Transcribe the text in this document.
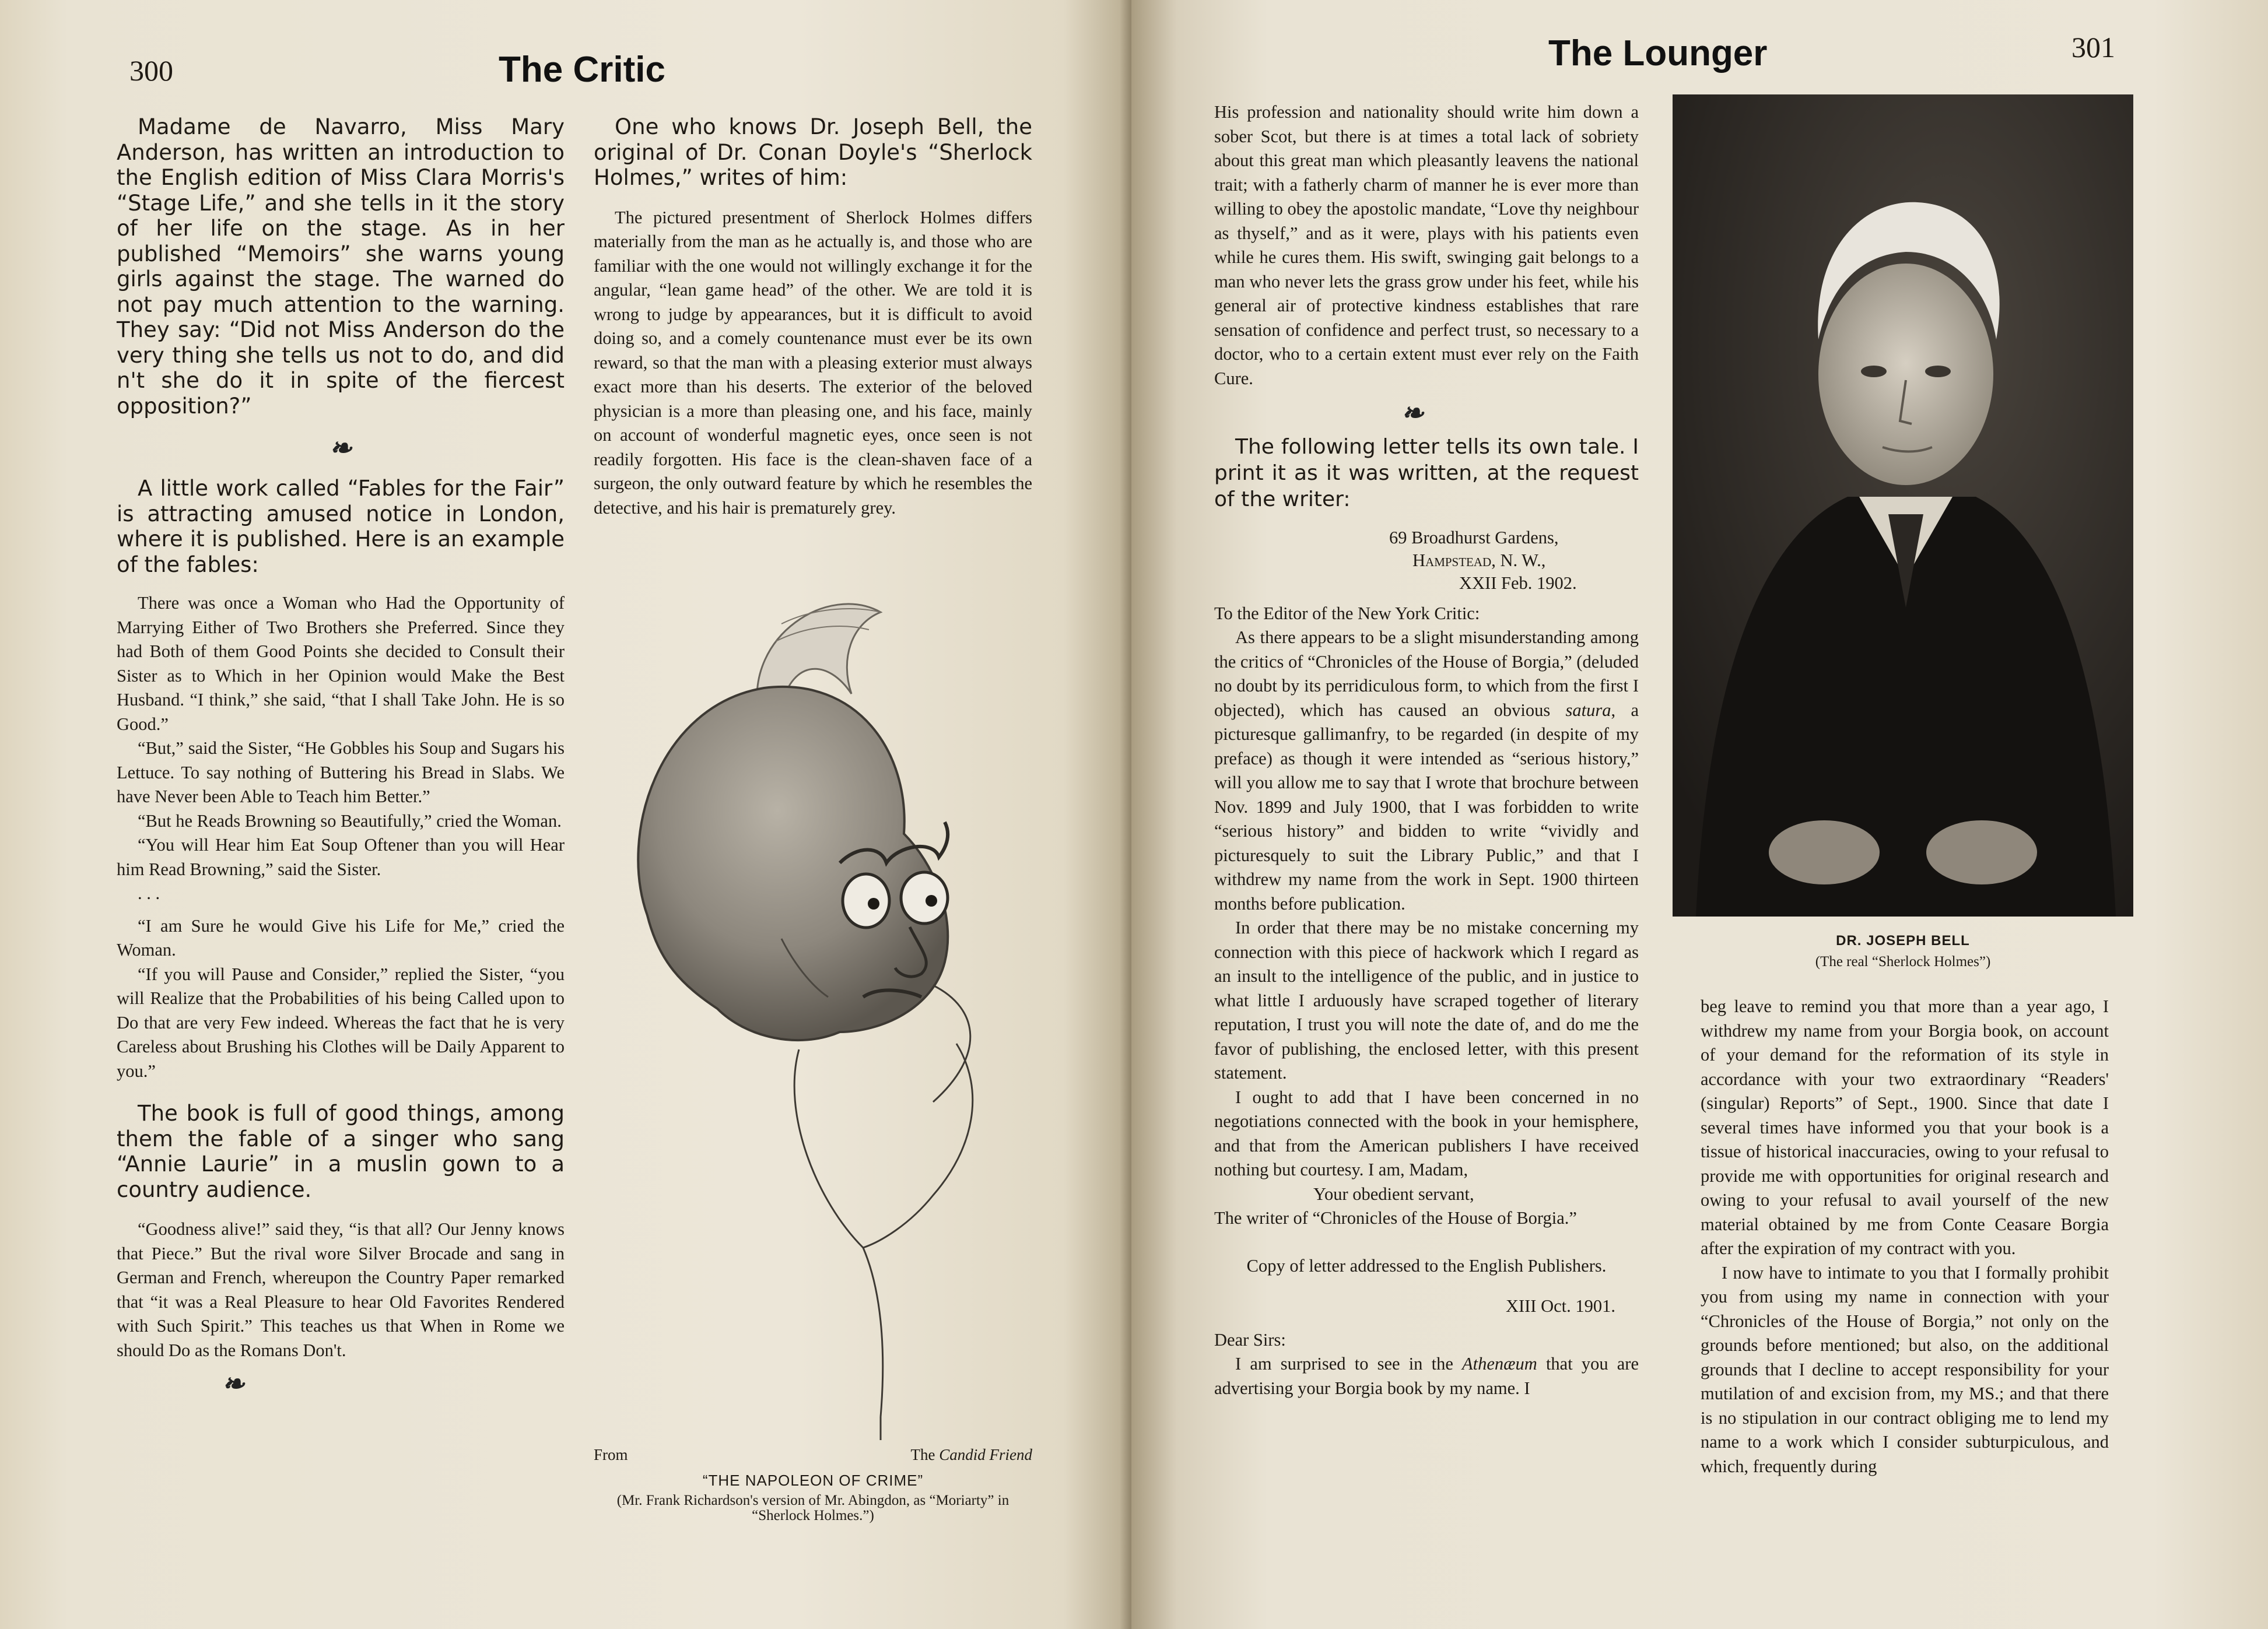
300	The Critic

Madame de Navarro, Miss Mary Anderson, has written an introduction to the English edition of Miss Clara Morris's “Stage Life,” and she tells in it the story of her life on the stage. As in her published “Memoirs” she warns young girls against the stage. The warned do not pay much attention to the warning. They say: “Did not Miss Anderson do the very thing she tells us not to do, and did n't she do it in spite of the fiercest opposition?”

❧

A little work called “Fables for the Fair” is attracting amused notice in London, where it is published. Here is an example of the fables:

There was once a Woman who Had the Opportunity of Marrying Either of Two Brothers she Preferred. Since they had Both of them Good Points she decided to Consult their Sister as to Which in her Opinion would Make the Best Husband. “I think,” she said, “that I shall Take John. He is so Good.”

“But,” said the Sister, “He Gobbles his Soup and Sugars his Lettuce. To say nothing of Buttering his Bread in Slabs. We have Never been Able to Teach him Better.”

“But he Reads Browning so Beautifully,” cried the Woman.

“You will Hear him Eat Soup Oftener than you will Hear him Read Browning,” said the Sister.

. . .

“I am Sure he would Give his Life for Me,” cried the Woman.

“If you will Pause and Consider,” replied the Sister, “you will Realize that the Probabilities of his being Called upon to Do that are very Few indeed. Whereas the fact that he is very Careless about Brushing his Clothes will be Daily Apparent to you.”

The book is full of good things, among them the fable of a singer who sang “Annie Laurie” in a muslin gown to a country audience.

“Goodness alive!” said they, “is that all? Our Jenny knows that Piece.” But the rival wore Silver Brocade and sang in German and French, whereupon the Country Paper remarked that “it was a Real Pleasure to hear Old Favorites Rendered with Such Spirit.” This teaches us that When in Rome we should Do as the Romans Don't.

❧

One who knows Dr. Joseph Bell, the original of Dr. Conan Doyle's “Sherlock Holmes,” writes of him:

The pictured presentment of Sherlock Holmes differs materially from the man as he actually is, and those who are familiar with the one would not willingly exchange it for the angular, “lean game head” of the other. We are told it is wrong to judge by appearances, but it is difficult to avoid doing so, and a comely countenance must ever be its own reward, so that the man with a pleasing exterior must always exact more than his deserts. The exterior of the beloved physician is a more than pleasing one, and his face, mainly on account of wonderful magnetic eyes, once seen is not readily forgotten. His face is the clean-shaven face of a surgeon, the only outward feature by which he resembles the detective, and his hair is prematurely grey.

From	The Candid Friend
“THE NAPOLEON OF CRIME”
(Mr. Frank Richardson's version of Mr. Abingdon, as “Moriarty” in “Sherlock Holmes.”)
The Lounger	301
DR. JOSEPH BELL
(The real “Sherlock Holmes”)

His profession and nationality should write him down a sober Scot, but there is at times a total lack of sobriety about this great man which pleasantly leavens the national trait; with a fatherly charm of manner he is ever more than willing to obey the apostolic mandate, “Love thy neighbour as thyself,” and as it were, plays with his patients even while he cures them. His swift, swinging gait belongs to a man who never lets the grass grow under his feet, while his general air of protective kindness establishes that rare sensation of confidence and perfect trust, so necessary to a doctor, who to a certain extent must ever rely on the Faith Cure.

❧

The following letter tells its own tale. I print it as it was written, at the request of the writer:

69 Broadhurst Gardens,
Hampstead, N. W.,
XXII Feb. 1902.
To the Editor of the New York Critic:

As there appears to be a slight misunderstanding among the critics of “Chronicles of the House of Borgia,” (deluded no doubt by its perridiculous form, to which from the first I objected), which has caused an obvious satura, a picturesque gallimanfry, to be regarded (in despite of my preface) as though it were intended as “serious history,” will you allow me to say that I wrote that brochure between Nov. 1899 and July 1900, that I was forbidden to write “serious history” and bidden to write “vividly and picturesquely to suit the Library Public,” and that I withdrew my name from the work in Sept. 1900 thirteen months before publication.

In order that there may be no mistake concerning my connection with this piece of hackwork which I regard as an insult to the intelligence of the public, and in justice to what little I arduously have scraped together of literary reputation, I trust you will note the date of, and do me the favor of publishing, the enclosed letter, with this present statement.

I ought to add that I have been concerned in no negotiations connected with the book in your hemisphere, and that from the American publishers I have received nothing but courtesy. I am, Madam,

Your obedient servant,
The writer of “Chronicles of the House of Borgia.”
Copy of letter addressed to the English Publishers.
XIII Oct. 1901.
Dear Sirs:

I am surprised to see in the Athenæum that you are advertising your Borgia book by my name. I

beg leave to remind you that more than a year ago, I withdrew my name from your Borgia book, on account of your demand for the reformation of its style in accordance with your two extraordinary “Readers' (singular) Reports” of Sept., 1900. Since that date I several times have informed you that your book is a tissue of historical inaccuracies, owing to your refusal to provide me with opportunities for original research and owing to your refusal to avail yourself of the new material obtained by me from Conte Ceasare Borgia after the expiration of my contract with you.

I now have to intimate to you that I formally prohibit you from using my name in connection with your “Chronicles of the House of Borgia,” not only on the grounds before mentioned; but also, on the additional grounds that I decline to accept responsibility for your mutilation of and excision from, my MS.; and that there is no stipulation in our contract obliging me to lend my name to a work which I consider subturpiculous, and which, frequently during
